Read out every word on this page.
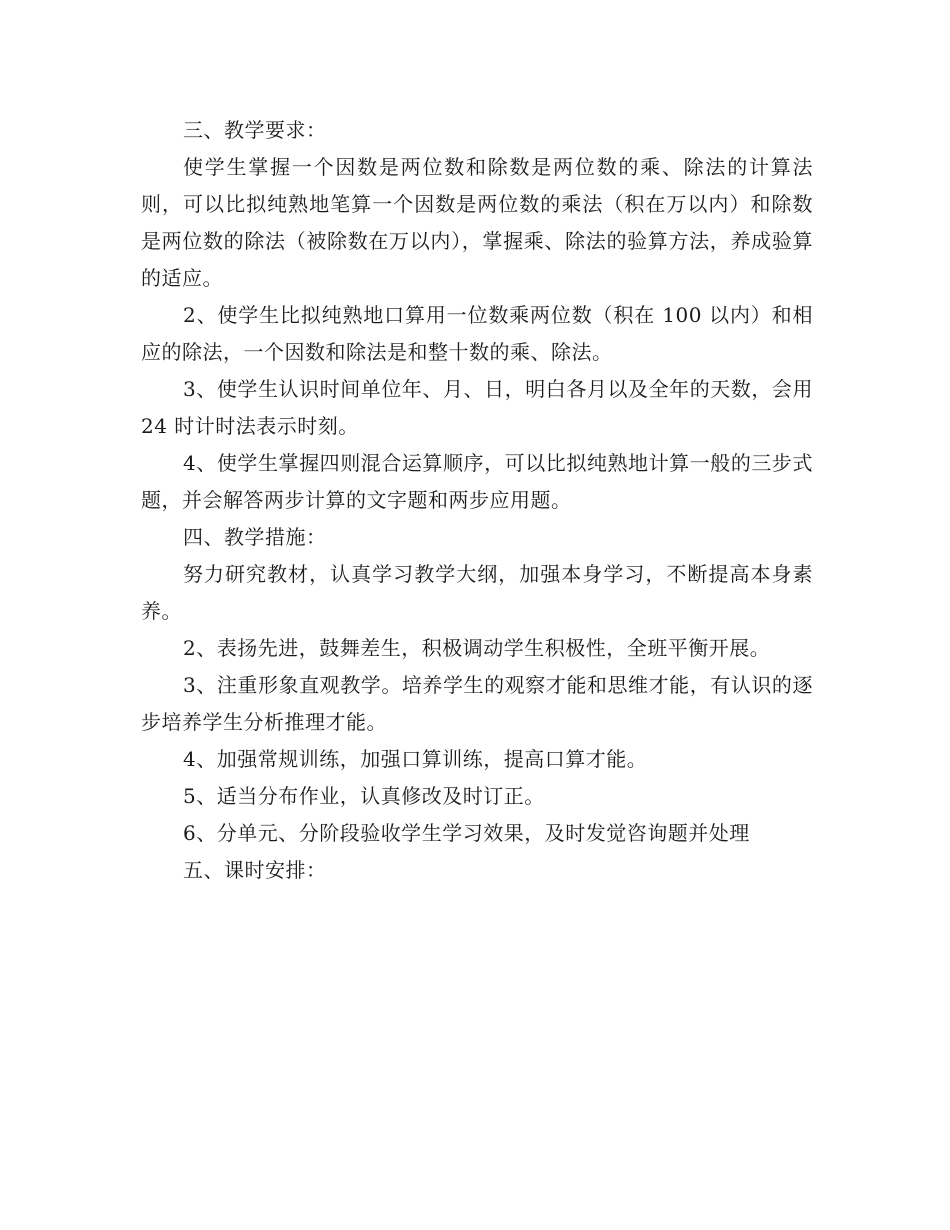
三、教学要求：

使学生掌握一个因数是两位数和除数是两位数的乘、除法的计算法则，可以比拟纯熟地笔算一个因数是两位数的乘法（积在万以内）和除数是两位数的除法（被除数在万以内），掌握乘、除法的验算方法，养成验算的适应。

2、使学生比拟纯熟地口算用一位数乘两位数（积在 100 以内）和相应的除法，一个因数和除法是和整十数的乘、除法。

3、使学生认识时间单位年、月、日，明白各月以及全年的天数，会用 24 时计时法表示时刻。

4、使学生掌握四则混合运算顺序，可以比拟纯熟地计算一般的三步式题，并会解答两步计算的文字题和两步应用题。

四、教学措施：

努力研究教材，认真学习教学大纲，加强本身学习，不断提高本身素养。

2、表扬先进，鼓舞差生，积极调动学生积极性，全班平衡开展。

3、注重形象直观教学。培养学生的观察才能和思维才能，有认识的逐步培养学生分析推理才能。

4、加强常规训练，加强口算训练，提高口算才能。

5、适当分布作业，认真修改及时订正。

6、分单元、分阶段验收学生学习效果，及时发觉咨询题并处理

五、课时安排：
